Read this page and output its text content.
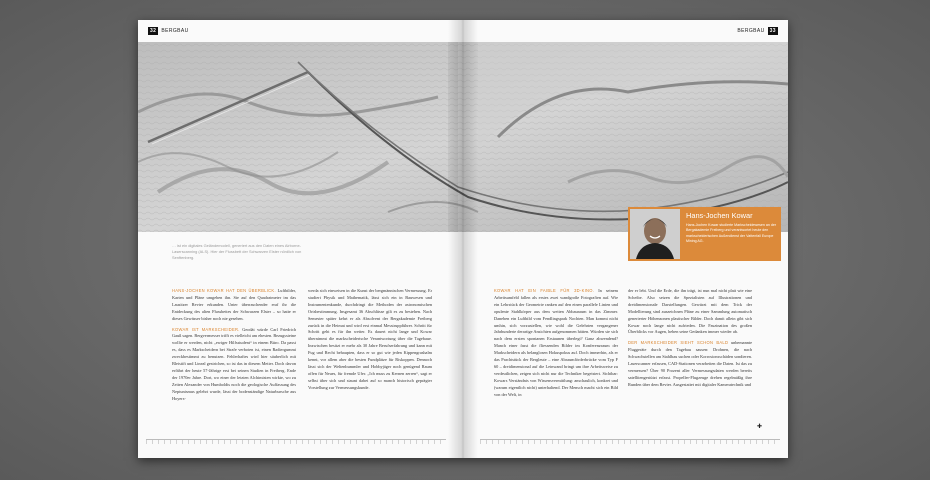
32	BERGBAU
… ist ein digitales Geländemodell, generiert aus den Daten eines Airborne-Laserscanning (ALS). Hier der Flussbett der Schwarzen Elster nördlich von Senftenberg.

HANS-JOCHEN KOWAR HAT DEN ÜBERBLICK. Luftbilder, Karten und Pläne umgeben ihn. Sie auf den Quadratmeter im das Lausitzer Revier erkunden. Unter überraschender eraf ihr die Entdeckung des alten Flussbettes der Schwarzen Elster – so hatte er dieses Gewässer bisher noch nie gesehen.

KOWAR IST MARKSCHEIDER. Geodät würde Carl Friedrich Gauß sagen. Bergvermesser trifft es vielleicht am ehesten. Bezugssteine wollte er werden, nicht „ewiger Hilfsstudent“ in einem Büro. Da passt es, dass es Markscheidern bei Strafe verboten ist, einen Radiergummi zweckbestimmt zu benutzen. Fehlerhaftes wird hier säuberlich mit Bleistift und Lineal gestrichen, so ist das in diesem Metier. Doch davon erfährt der heute 57-Jährige erst bei seinen Studien in Freiberg. Ende der 1970er Jahre. Dort, wo einer der letzten Alchimisten wirkte, wo zu Zeiten Alexander von Humboldts noch die geologische Auffassung des Neptunismus gelehrt wurde, lässt der bodenständige Naturbursche aus Hoyers-

werda sich einweisen in die Kunst der bergmännischen Vermessung. Er studiert Physik und Mathematik, lässt sich ein in Bauwesen und Instrumentenkunde, durchdringt die Methoden der astronomischen Ortsbestimmung. Insgesamt 36 Abschlüsse gilt es zu bestehen. Nach Semester später kehrt er als Absolvent der Bergakademie Freiberg zurück in die Heimat und wird erst einmal Messtruppführer. Schritt für Schritt geht es für ihn weiter. Es dauert nicht lange und Kowar übernimmt die markscheiderische Verantwortung über die Tagebaue. Inzwischen besitzt er mehr als 30 Jahre Berufserfahrung und kann mit Fug und Recht behaupten, dass er so gut wie jeden Kippengrashalm kennt, vor allem aber die besten Fundplätze für Riskoppen. Dennoch lässt sich der Weltenbummler und Hobbyjäger noch genügend Raum offen für Neues, für fremde Ufer. „Ich muss zu Kernen zerren“, sagt er selbst über sich und staunt dabei auf so manch historisch geprägter Vorstellung zur Vermessungskunde.

BERGBAU	33

KOWAR HAT EIN FAIBLE FÜR 3D-KINO. In seinem Arbeitsumfeld fallen als erstes zwei wandgroße Fotografien auf. Wie ein Lehrstück der Geometrie ranken auf den einen parallele Linien und opulente Stahlkörper aus dem weiten Abbauraum in das Zimmer. Daneben ein Luftbild vom Fendlingspark Nochten. Man kommt nicht umhin, sich vorzustellen, wie wohl die Gelehrten vergangener Jahrhunderte derartige Ansichten aufgenommen hätten. Würden sie sich nach dem ersten spontanen Erstaunen überlegt? Ganz abwendend? Manch einer fasst die fliessenden Bilder im Konferenzraum der Markscheidern als belanglosen Hokuspokus auf. Doch immerhin, als er das Prachtstück der Bergleute – eine Abraumförderbrücke vom Typ F 60 – dreidimensional auf die Leinwand bringt um ihre Arbeitsweise zu verdeutlichen, zeigen sich nicht nur die Techniker begeistert. Sichtbar: Kowars Verständnis von Wissensvermittlung: anschaulich, konkret und (warum eigentlich nicht) unterhaltend. Der Mensch macht sich ein Bild von der Welt, in

der er lebt. Und die Erde, die ihn trägt, ist nun mal nicht platt wie eine Scheibe. Also setzen die Spezialisten auf Illustrationen und dreidimensionale Darstellungen. Gewürzt mit dem Trick der Modellierung sind auszeichnen Pläne zu einer Sammlung automatisch generierter Höhenzonen plastischer Bilder. Doch damit allein gibt sich Kowar noch lange nicht zufrieden. Die Faszination des großen Überblicks vor Augen, heben seine Gedanken immer wieder ab.

DER MARKSCHEIDER SIEHT SCHON BALD unbemannte Fluggeräte durch den Tagebau sausen: Drohnen, die nach Schwachstellen am Stahlbau suchen oder Korrosionsschäden sondieren. Laserscanner erfassen, CAD-Stationen verarbeiten die Daten. Ist das zu vermessen? Über 90 Prozent aller Vermessungsdaten werden bereits satellitengestützt erfasst. Propeller-Flugzeuge drehen regelmäßig ihre Runden über dem Revier. Ausgestattet mit digitaler Kameratechnik und

Hans-Jochen Kowar
Hans-Jochen Kowar studierte Markscheidewesen an der Bergakademie Freiberg und verantwortet heute den markscheiderischen Außendienst der Vattenfall Europe Mining AG.
✚
